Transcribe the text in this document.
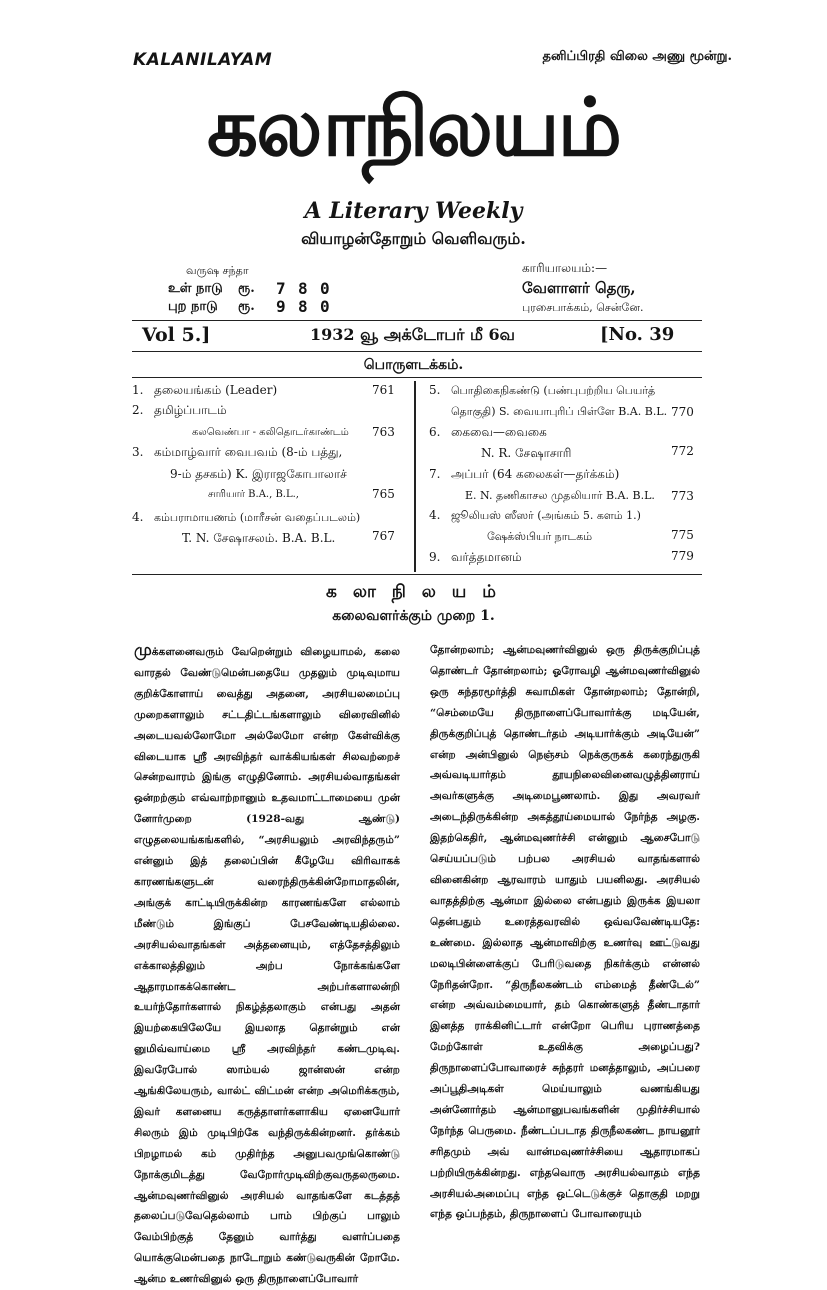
KALANILAYAM	தனிப்பிரதி விலை அணு மூன்று.
கலாநிலயம்
A Literary Weekly
வியாழன்தோறும் வெளிவரும்.
வருஷ சந்தா
உள் நாடு	ரூ.	7 8 0
புற நாடு	ரூ.	9 8 0
காரியாலயம்:—
வேளாளர் தெரு,
புரசைபாக்கம், சென்னே.
Vol 5.]	1932 வூ அக்டோபர் மீ 6வ	[No. 39
பொருளடக்கம்.
1. தலையங்கம் (Leader)	761
2. தமிழ்ப்பாடம்
கலவெண்பா - கலிதொடர்காண்டம் 763
3. கம்மாழ்வார் வைபவம் (8-ம் பத்து,
9-ம் தசகம்) K. இராஜகோபாலாச்
சாரியார் B.A., B.L.,	765
4. கம்பராமாயணம் (மாரீசன் வதைப்படலம்)
T. N. சேஷாசலம். B.A. B.L.	767
5. பொதிகைநிகண்டு (பண்புபற்றிய பெயர்த்
தொகுதி) S. வையாபுரிப் பிள்ளே B.A. B.L. 770
6. கைவை—வைகை
N. R. சேஷாசாரி	772
7. அப்பர் (64 கலைகள்—தர்க்கம்)
E. N. தணிகாசல முதலியார் B.A. B.L. 773
4. ஜூலியஸ் ஸீஸர் (அங்கம் 5. களம் 1.)
ஷேக்ஸ்பியர் நாடகம்	775
9. வர்த்தமானம்	779
க லா நி ல ய ம்
கலைவளர்க்கும் முறை 1.
முக்களனைவரும் வேறென்றும் விழையாமல், கலை வாரதல் வேண்டுமென்பதையே முதலும் முடிவுமாய குறிக்கோளாய் வைத்து அதனை, அரசியலமைப்பு முறைகளாலும் சட்டதிட்டங்களாலும் விரைவினில் அடையவல்லோமோ அல்லேமோ என்ற கேள்விக்கு விடையாக ஸ்ரீ அரவிந்தர் வாக்கியங்கள் சிலவற்றைச் சென்றவாரம் இங்கு எழுதினோம். அரசியல்வாதங்கள் ஒன்றற்கும் எவ்வாற்றானும் உதவமாட்டாமையை முன் னோர்முறை (1928-வது ஆண்டு) எழுதலையங்கங்களில், “அரசியலும் அரவிந்தரும்” என்னும் இத் தலைப்பின் கீழேயே விரிவாகக் காரணங்களுடன் வரைந்திருக்கின்றோமாதலின், அங்குக் காட்டியிருக்கின்ற காரணங்களே எல்லாம் மீண்டும் இங்குப் பேசவேண்டியதில்லை. அரசியல்வாதங்கள் அத்தனையும், எத்தேசத்திலும் எக்காலத்திலும் அற்ப நோக்கங்களே ஆதாரமாகக்கொண்ட அற்பர்களாலன்றி உயர்ந்தோர்களால் நிகழ்த்தலாகும் என்பது அதன் இயற்கையிலேயே இயலாத தொன்றும் என் னுமிவ்வாய்மை ஸ்ரீ அரவிந்தர் கண்டமுடிவு. இவரேபோல் ஸாம்யல் ஜான்ஸன் என்ற ஆங்கிலேயரும், வால்ட் விட்மன் என்ற அமெரிக்கரும், இவர் களனைய கருத்தாளர்களாகிய ஏனையோர் சிலரும் இம் முடிபிற்கே வந்திருக்கின்றனர். தர்க்கம் பிறழாமல் கம் முதிர்ந்த அனுபவமுங்கொண்டு நோக்குமிடத்து வேறோர்முடிவிற்குவருதலருமை. ஆன்மவுணர்வினுல் அரசியல் வாதங்களே கடத்தத் தலைப்படுவேதெல்லாம் பாம் பிற்குப் பாலும் வேம்பிற்குத் தேனும் வார்த்து வளர்ப்பதை யொக்குமென்பதை நாடோறும் கண்டுவருகின் றோமே. ஆன்ம உணர்வினுல் ஒரு திருநாளைப்போவார்
தோன்றலாம்; ஆன்மவுணர்வினுல் ஒரு திருக்குறிப்புத் தொண்டர் தோன்றலாம்; ஓரோவழி ஆன்மவுணர்வினுல் ஒரு சுந்தரமூர்த்தி சுவாமிகள் தோன்றலாம்; தோன்றி, “செம்மையே திருநாளைப்போவார்க்கு மடியேன், திருக்குறிப்புத் தொண்டர்தம் அடியார்க்கும் அடியேன்” என்ற அன்பினுல் நெஞ்சம் நெக்குருகக் கரைந்துருகி அவ்வடியார்தம் தூயநிலைவினைவழுத்தினராய் அவர்களுக்கு அடிமைபூணலாம். இது அவரவர் அடைந்திருக்கின்ற அகத்தூய்மையால் நேர்ந்த அழகு. இதற்கெதிர், ஆன்மவுணர்ச்சி என்னும் ஆசைபோடு செய்யப்படும் பற்பல அரசியல் வாதங்களால் வினைகின்ற ஆரவாரம் யாதும் பயனிலது. அரசியல் வாதத்திற்கு ஆன்மா இல்லை என்பதும் இருக்க இயலா தென்பதும் உரைத்தவரவில் ஒவ்வவேண்டியதே: உண்மை. இல்லாத ஆன்மாவிற்கு உணர்வு ஊட்டுவது மலடிபின்ளைக்குப் பேரிடுவதை நிகர்க்கும் என்னல் நேரிதன்றோ. “திருநீலகண்டம் எம்மைத் தீண்டேல்” என்ற அவ்வம்மையார், தம் கொண்களுத் தீண்டாதார் இனத்த ராக்கினிட்டார் என்றோ பெரிய புராணத்தை மேற்கோள் உதவிக்கு அழைப்பது? திருநாளைப்போவாரைச் சுந்தரர் மனத்தாலும், அப்பரை அப்பூதிஅடிகள் மெய்யாலும் வணங்கியது அன்னோர்தம் ஆன்மானுபவங்களின் முதிர்ச்சியால் நேர்ந்த பெருமை. நீண்டப்படாத திருநீலகண்ட நாயனூர் சரிதமும் அவ் வான்மவுணர்ச்சியை ஆதாரமாகப் பற்றியிருக்கின்றது. எந்தவொரு அரசியல்வாதம் எந்த அரசியல்அமைப்பு எந்த ஒட்டெடுக்குச் தொகுதி மறறு எந்த ஒப்பந்தம், திருநாளைப் போவாரையும்
